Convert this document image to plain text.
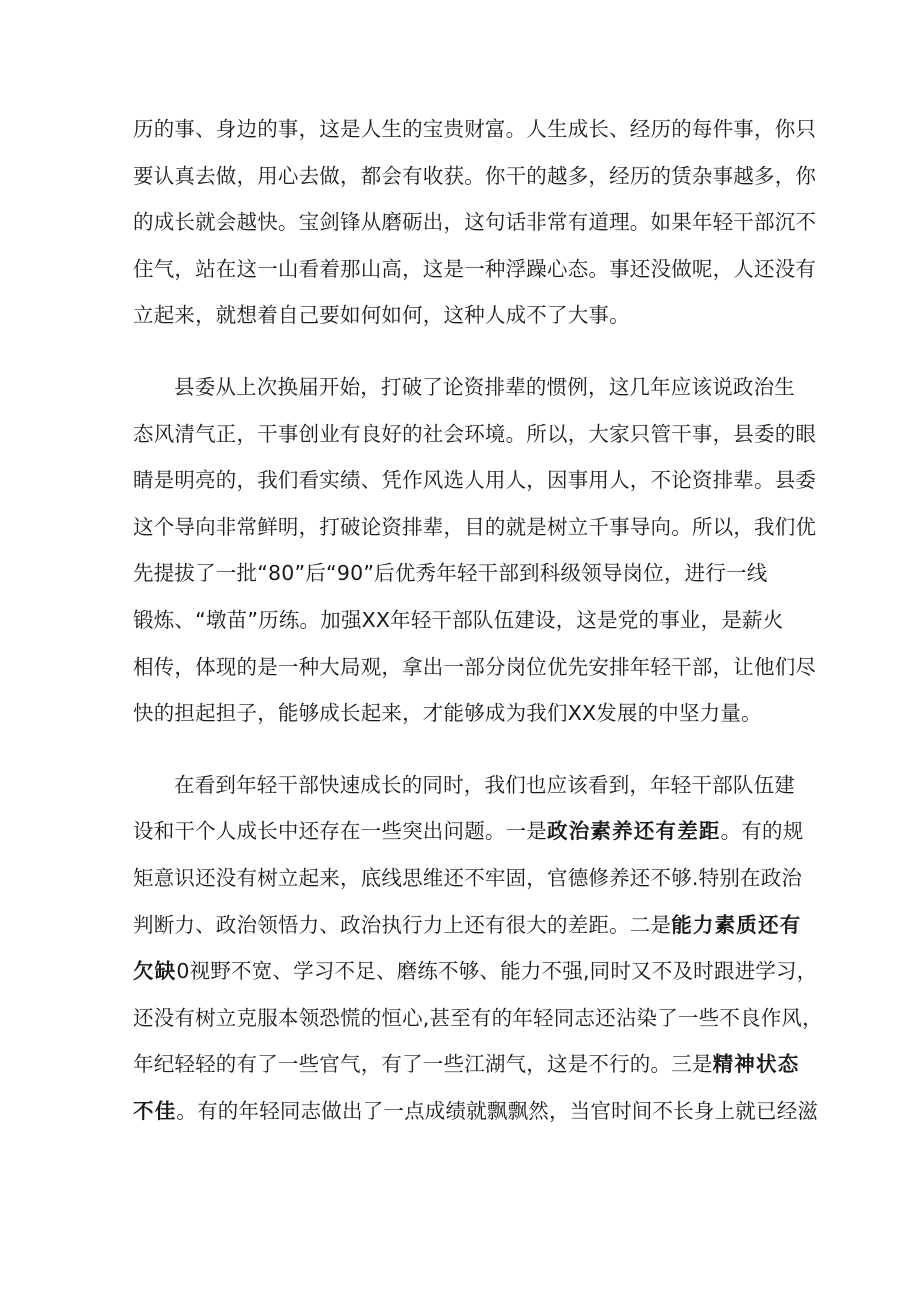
历的事、身边的事，这是人生的宝贵财富。人生成长、经历的每件事，你只
要认真去做，用心去做，都会有收获。你干的越多，经历的赁杂事越多，你
的成长就会越快。宝剑锋从磨砺出，这句话非常有道理。如果年轻干部沉不
住气，站在这一山看着那山高，这是一种浮躁心态。事还没做呢，人还没有
立起来，就想着自己要如何如何，这种人成不了大事。

县委从上次换届开始，打破了论资排辈的惯例，这几年应该说政治生
态风清气正，干事创业有良好的社会环境。所以，大家只管干事，县委的眼
睛是明亮的，我们看实绩、凭作风选人用人，因事用人，不论资排辈。县委
这个导向非常鲜明，打破论资排辈，目的就是树立千事导向。所以，我们优
先提拔了一批“80”后“90”后优秀年轻干部到科级领导岗位，进行一线
锻炼、“墩苗”历练。加强XX年轻干部队伍建设，这是党的事业，是薪火
相传，体现的是一种大局观，拿出一部分岗位优先安排年轻干部，让他们尽
快的担起担子，能够成长起来，才能够成为我们XX发展的中坚力量。

在看到年轻干部快速成长的同时，我们也应该看到，年轻干部队伍建
设和干个人成长中还存在一些突出问题。一是政治素养还有差距。有的规
矩意识还没有树立起来，底线思维还不牢固，官德修养还不够.特别在政治
判断力、政治领悟力、政治执行力上还有很大的差距。二是能力素质还有
欠缺0视野不宽、学习不足、磨练不够、能力不强,同时又不及时跟进学习，
还没有树立克服本领恐慌的恒心,甚至有的年轻同志还沾染了一些不良作风，
年纪轻轻的有了一些官气，有了一些江湖气，这是不行的。三是精神状态
不佳。有的年轻同志做出了一点成绩就飘飘然，当官时间不长身上就已经滋
